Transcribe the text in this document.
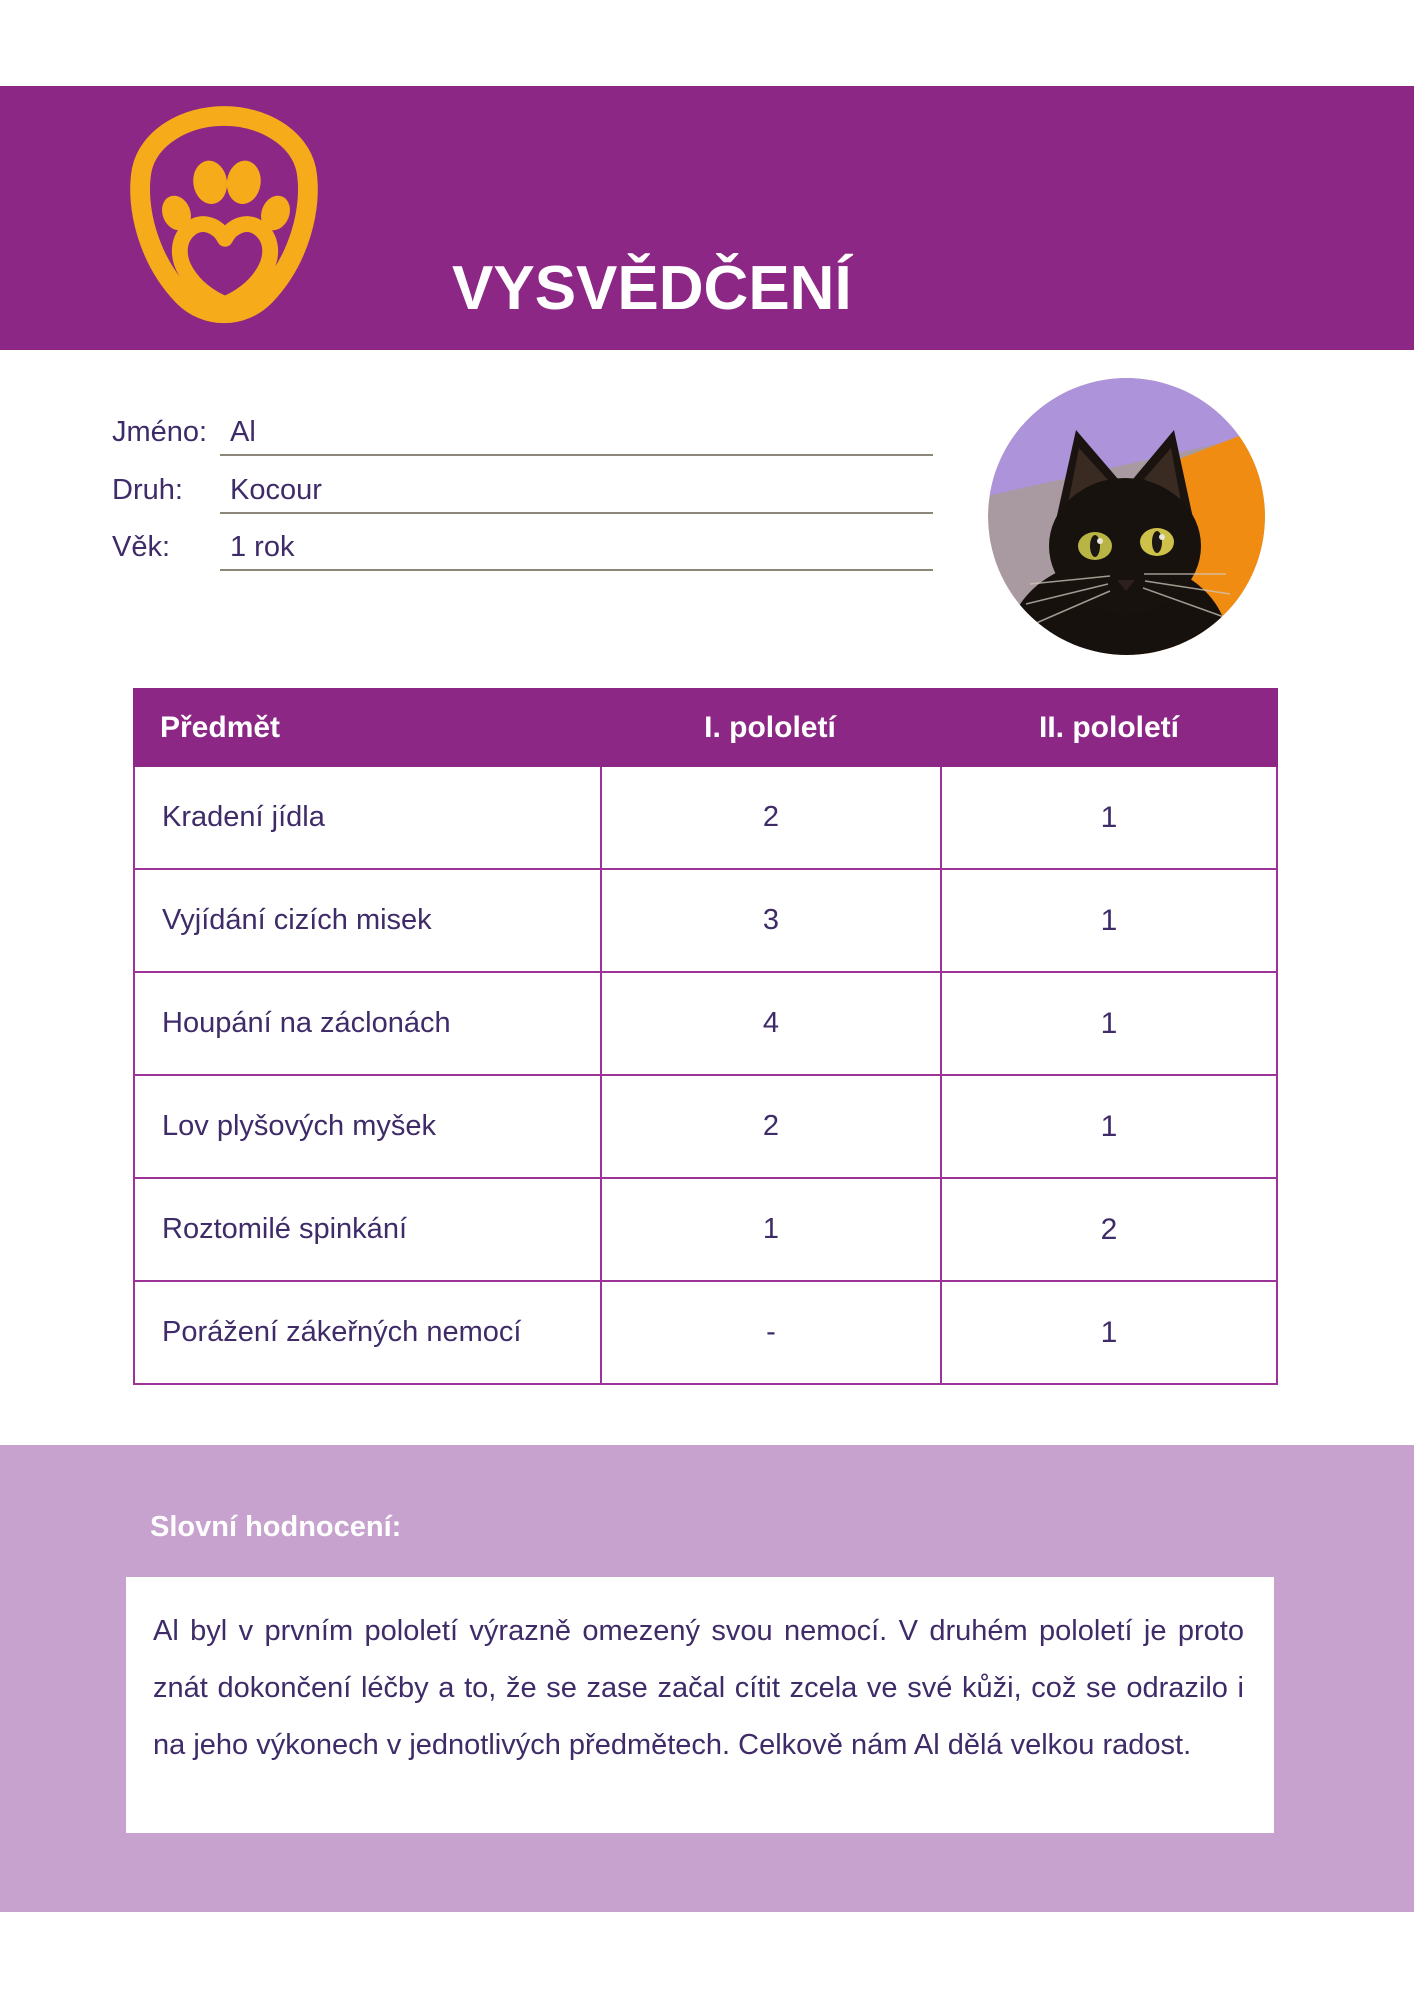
VYSVĚDČENÍ
Handipet Rescue
Jméno: Al
Druh: Kocour
Věk: 1 rok
Předmět	I. pololetí	II. pololetí
Kradení jídla	2	1
Vyjídání cizích misek	3	1
Houpání na záclonách	4	1
Lov plyšových myšek	2	1
Roztomilé spinkání	1	2
Porážení zákeřných nemocí	-	1
Slovní hodnocení:

Al byl v prvním pololetí výrazně omezený svou nemocí. V druhém pololetí je proto znát dokončení léčby a to, že se zase začal cítit zcela ve své kůži, což se odrazilo i na jeho výkonech v jednotlivých předmětech. Celkově nám Al dělá velkou radost.
